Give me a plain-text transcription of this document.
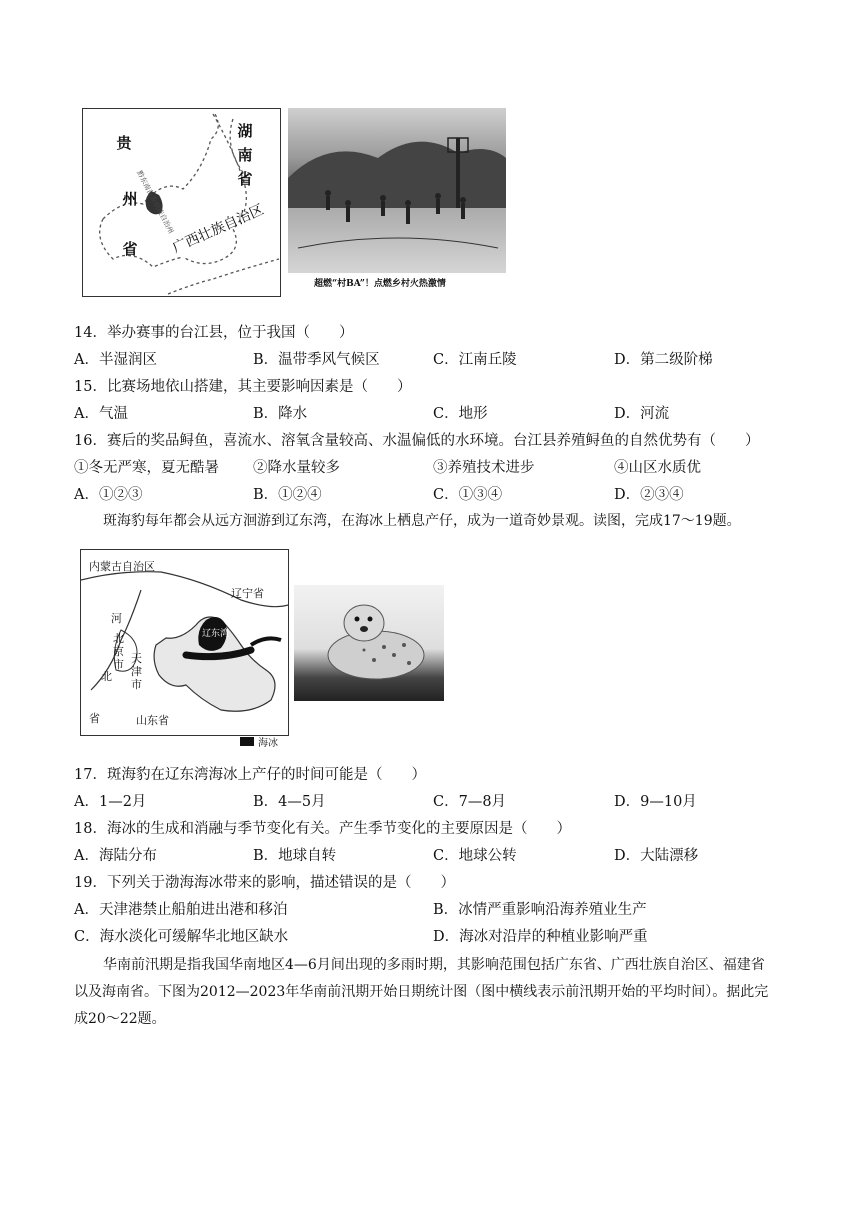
贵
州
省
湖南省
广西壮族自治区
黔东南苗族侗族自治州
超燃“村BA”！点燃乡村火热激情
14．举办赛事的台江县，位于我国（　　）
A．半湿润区	B．温带季风气候区	C．江南丘陵	D．第二级阶梯
15．比赛场地依山搭建，其主要影响因素是（　　）
A．气温	B．降水	C．地形	D．河流
16．赛后的奖品鲟鱼，喜流水、溶氧含量较高、水温偏低的水环境。台江县养殖鲟鱼的自然优势有（　　）
①冬无严寒，夏无酷暑 ②降水量较多	③养殖技术进步	④山区水质优
A．①②③	B．①②④	C．①③④	D．②③④
斑海豹每年都会从远方洄游到辽东湾，在海冰上栖息产仔，成为一道奇妙景观。读图，完成17～19题。
内蒙古自治区
辽宁省
河
北
京
市 天
津
市
北
省
辽东湾
山东省
海冰
17．斑海豹在辽东湾海冰上产仔的时间可能是（　　）
A．1—2月	B．4—5月	C．7—8月	D．9—10月
18．海冰的生成和消融与季节变化有关。产生季节变化的主要原因是（　　）
A．海陆分布	B．地球自转	C．地球公转	D．大陆漂移
19．下列关于渤海海冰带来的影响，描述错误的是（　　）
A．天津港禁止船舶进出港和移泊	B．冰情严重影响沿海养殖业生产
C．海水淡化可缓解华北地区缺水	D．海冰对沿岸的种植业影响严重
华南前汛期是指我国华南地区4—6月间出现的多雨时期，其影响范围包括广东省、广西壮族自治区、福建省以及海南省。下图为2012—2023年华南前汛期开始日期统计图（图中横线表示前汛期开始的平均时间）。据此完成20～22题。
